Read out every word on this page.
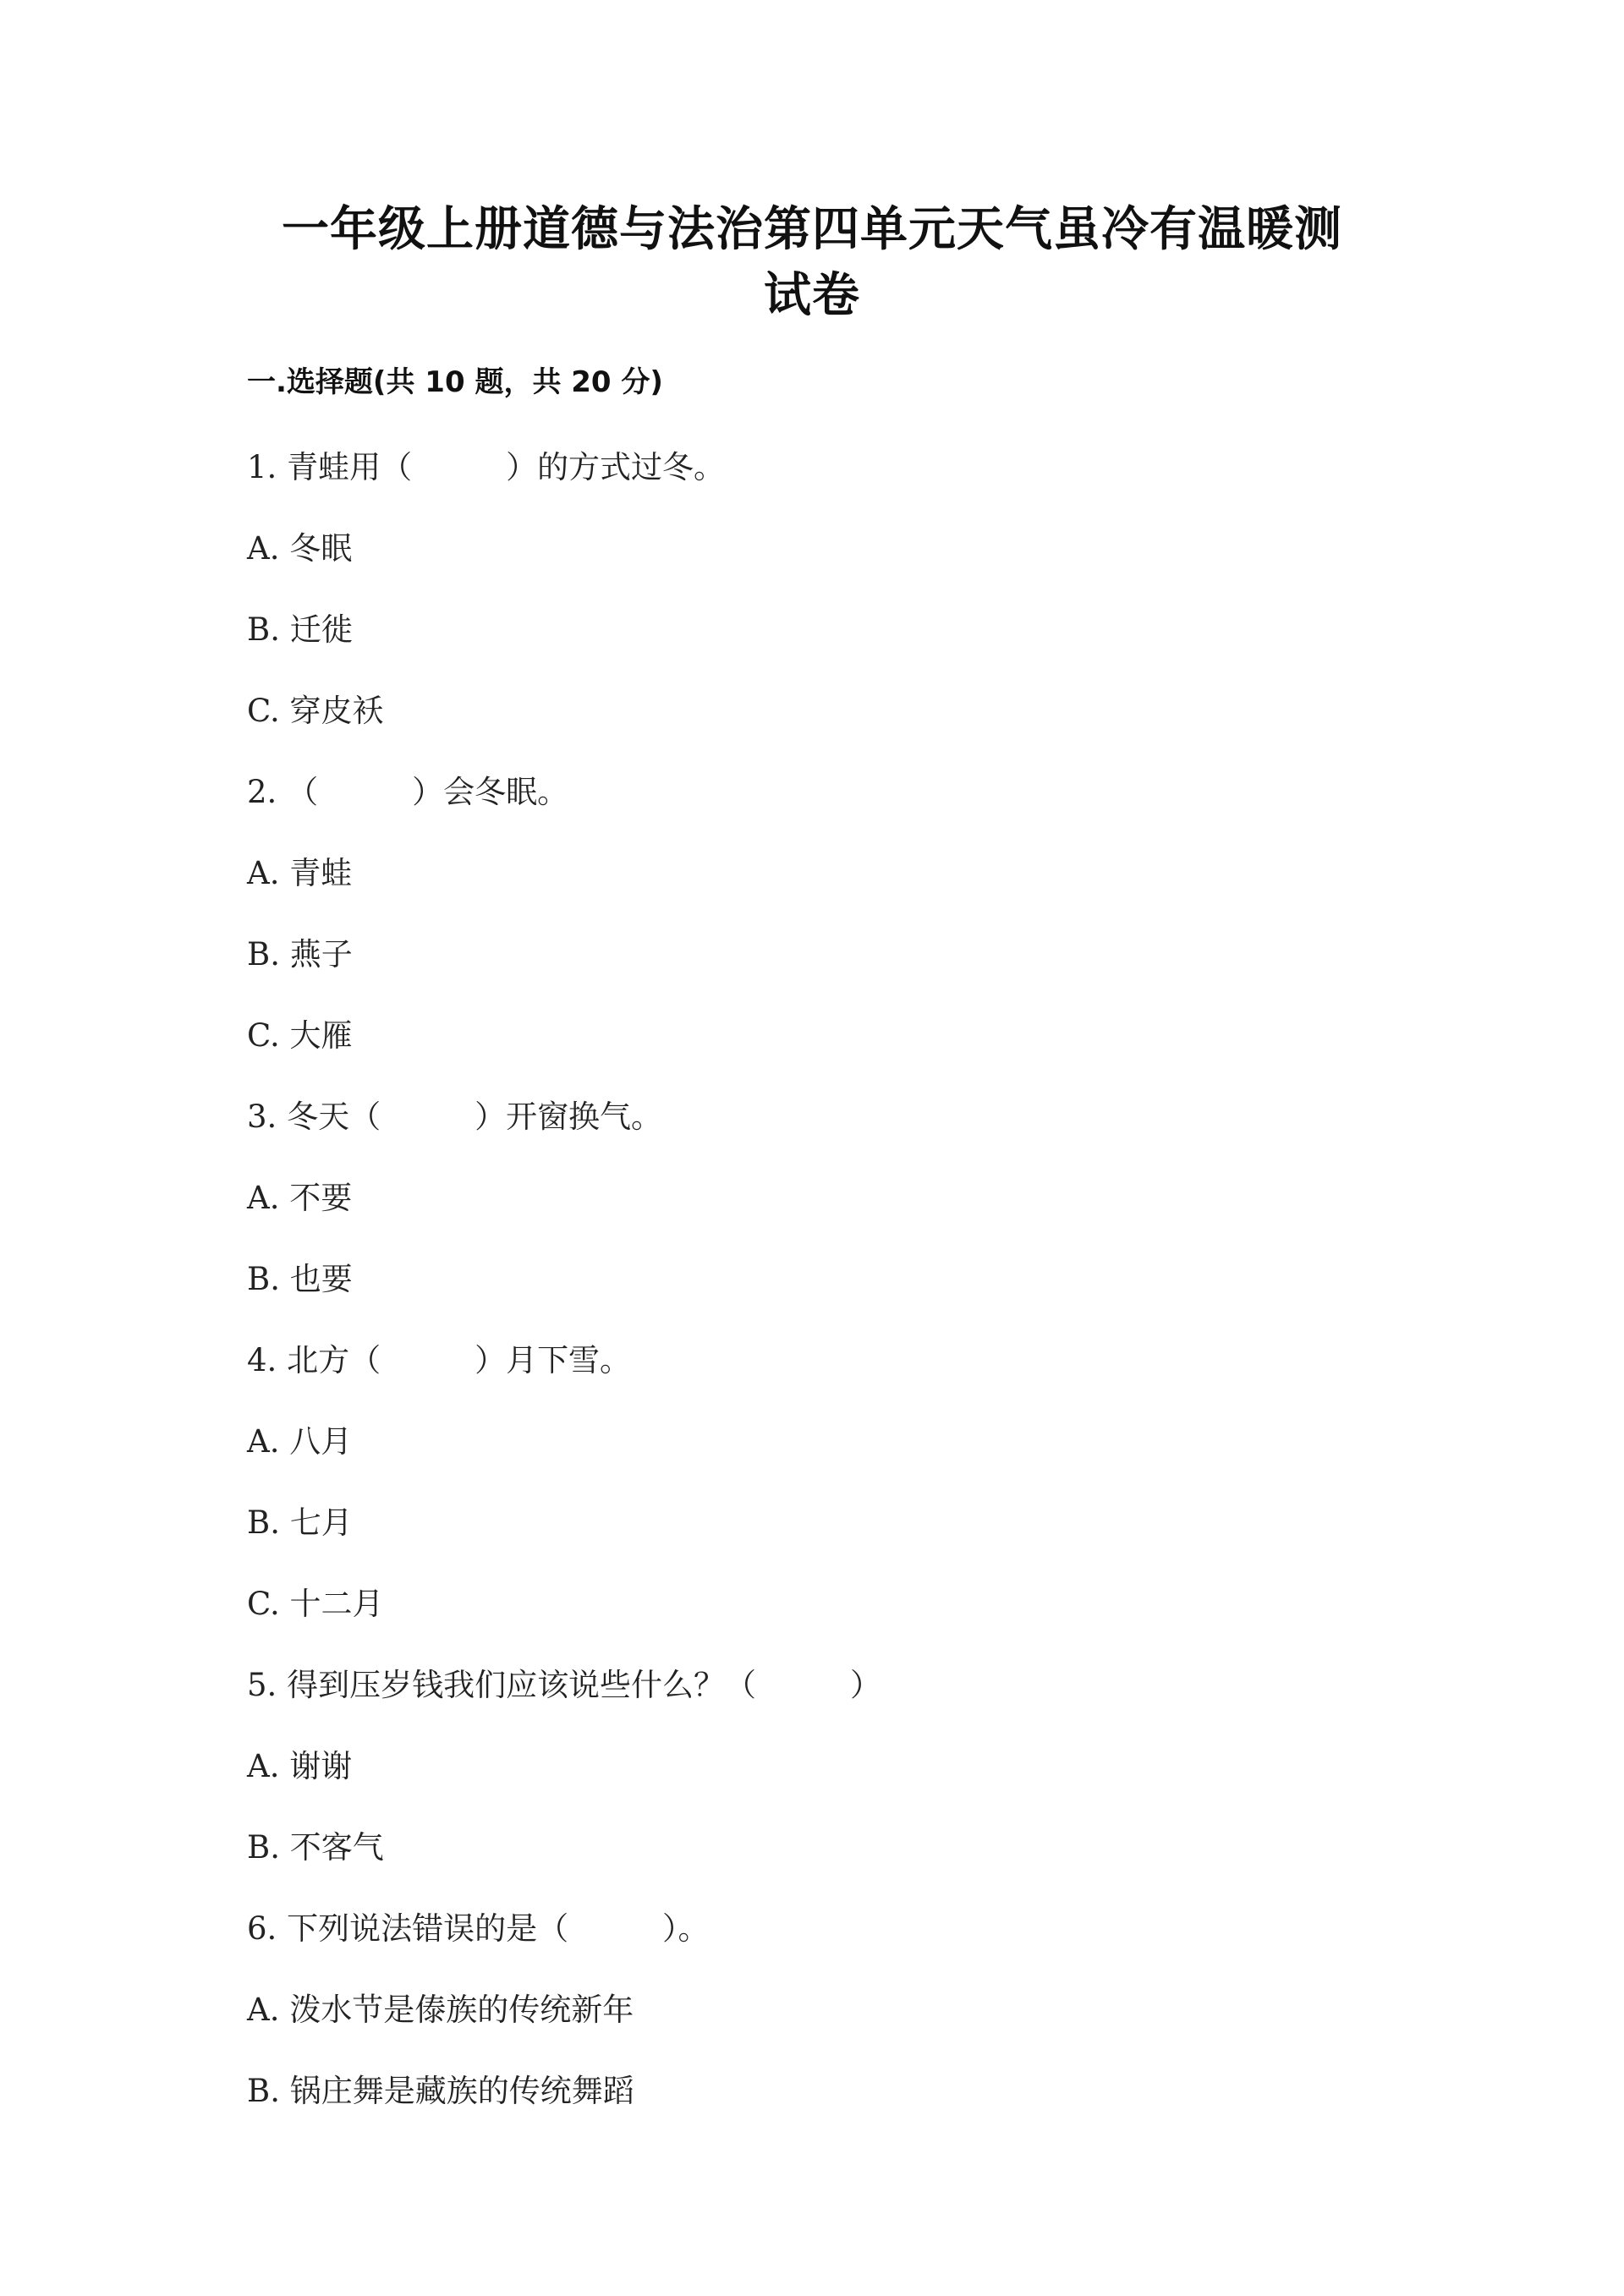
一年级上册道德与法治第四单元天气虽冷有温暖测
试卷
一.选择题(共 10 题，共 20 分)

1. 青蛙用（　　　）的方式过冬。

A. 冬眠

B. 迁徙

C. 穿皮袄

2. （　　　）会冬眠。

A. 青蛙

B. 燕子

C. 大雁

3. 冬天（　　　）开窗换气。

A. 不要

B. 也要

4. 北方（　　　）月下雪。

A. 八月

B. 七月

C. 十二月

5. 得到压岁钱我们应该说些什么？（　　　）

A. 谢谢

B. 不客气

6. 下列说法错误的是（　　　）。

A. 泼水节是傣族的传统新年

B. 锅庄舞是藏族的传统舞蹈
